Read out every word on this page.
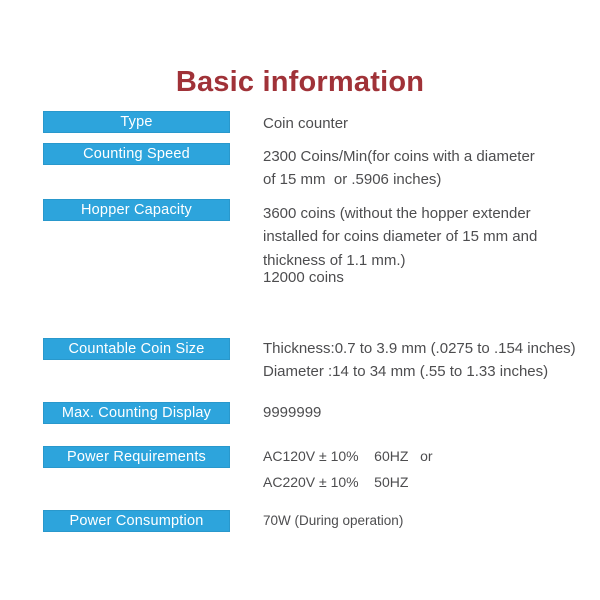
Basic information
Type	Coin counter
Counting Speed	2300 Coins/Min(for coins with a diameter
of 15 mm  or .5906 inches)
Hopper Capacity	3600 coins (without the hopper extender
installed for coins diameter of 15 mm and
thickness of 1.1 mm.)
12000 coins
Countable Coin Size	Thickness:0.7 to 3.9 mm (.0275 to .154 inches)
Diameter :14 to 34 mm (.55 to 1.33 inches)
Max. Counting Display	9999999
Power Requirements	AC120V ± 10%    60HZ   or
AC220V ± 10%    50HZ
Power Consumption	70W (During operation)
